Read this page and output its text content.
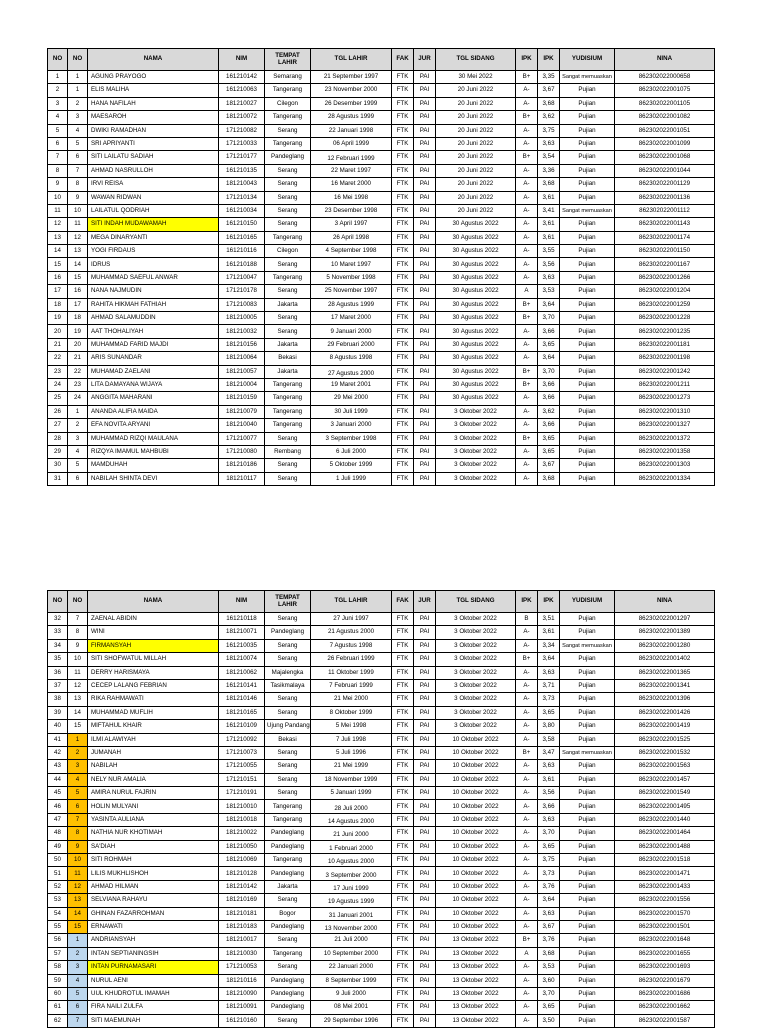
NO	NO	NAMA	NIM	TEMPAT LAHIR	TGL LAHIR	FAK	JUR	TGL SIDANG	IPK	IPK	YUDISIUM	NINA
1	1	AGUNG PRAYOGO	161210142	Semarang	21 September 1997	FTK	PAI	30 Mei 2022	B+	3,35	Sangat memuaskan	862302022000658
2	1	ELIS MALIHA	161210063	Tangerang	23 November 2000	FTK	PAI	20 Juni 2022	A-	3,67	Pujian	862302022001075
3	2	HANA NAFILAH	181210027	Cilegon	26 Desember 1999	FTK	PAI	20 Juni 2022	A-	3,68	Pujian	862302022001105
4	3	MAESAROH	181210072	Tangerang	28 Agustus 1999	FTK	PAI	20 Juni 2022	B+	3,62	Pujian	862302022001082
5	4	DWIKI RAMADHAN	171210082	Serang	22 Januari 1998	FTK	PAI	20 Juni 2022	A-	3,75	Pujian	862302022001051
6	5	SRI APRIYANTI	171210033	Tangerang	06 April 1999	FTK	PAI	20 Juni 2022	A-	3,63	Pujian	862302022001099
7	6	SITI LAILATU SADIAH	171210177	Pandeglang	12 Februari 1999	FTK	PAI	20 Juni 2022	B+	3,54	Pujian	862302022001068
8	7	AHMAD NASRULLOH	161210135	Serang	22 Maret 1997	FTK	PAI	20 Juni 2022	A-	3,36	Pujian	862302022001044
9	8	IRVI REISA	181210043	Serang	16 Maret 2000	FTK	PAI	20 Juni 2022	A-	3,68	Pujian	862302022001129
10	9	WAWAN RIDWAN	171210134	Serang	16 Mei 1998	FTK	PAI	20 Juni 2022	A-	3,61	Pujian	862302022001136
11	10	LAILATUL QODRIAH	161210034	Serang	23 Desember 1998	FTK	PAI	20 Juni 2022	A-	3,41	Sangat memuaskan	862302022001112
12	11	SITI INDAH MUDAWAMAH	161210150	Serang	3 April 1997	FTK	PAI	30 Agustus 2022	A-	3,61	Pujian	862302022001143
13	12	MEGA DINARYANTI	161210165	Tangerang	26 April 1998	FTK	PAI	30 Agustus 2022	A-	3,61	Pujian	862302022001174
14	13	YOGI FIRDAUS	161210116	Cilegon	4 September 1998	FTK	PAI	30 Agustus 2022	A-	3,55	Pujian	862302022001150
15	14	IDRUS	161210188	Serang	10 Maret 1997	FTK	PAI	30 Agustus 2022	A-	3,56	Pujian	862302022001167
16	15	MUHAMMAD SAEFUL ANWAR	171210047	Tangerang	5 November 1998	FTK	PAI	30 Agustus 2022	A-	3,63	Pujian	862302022001266
17	16	NANA NAJMUDIN	171210178	Serang	25 November 1997	FTK	PAI	30 Agustus 2022	A	3,53	Pujian	862302022001204
18	17	RAHITA HIKMAH FATHIAH	171210083	Jakarta	28 Agustus 1999	FTK	PAI	30 Agustus 2022	B+	3,64	Pujian	862302022001259
19	18	AHMAD SALAMUDDIN	181210005	Serang	17 Maret 2000	FTK	PAI	30 Agustus 2022	B+	3,70	Pujian	862302022001228
20	19	AAT THOHALIYAH	181210032	Serang	9 Januari 2000	FTK	PAI	30 Agustus 2022	A-	3,66	Pujian	862302022001235
21	20	MUHAMMAD FARID MAJDI	181210156	Jakarta	29 Februari 2000	FTK	PAI	30 Agustus 2022	A-	3,65	Pujian	862302022001181
22	21	ARIS SUNANDAR	181210064	Bekasi	8 Agustus 1998	FTK	PAI	30 Agustus 2022	A-	3,64	Pujian	862302022001198
23	22	MUHAMAD ZAELANI	181210057	Jakarta	27 Agustus 2000	FTK	PAI	30 Agustus 2022	B+	3,70	Pujian	862302022001242
24	23	LITA DAMAYANA WIJAYA	181210004	Tangerang	19 Maret 2001	FTK	PAI	30 Agustus 2022	B+	3,66	Pujian	862302022001211
25	24	ANGGITA MAHARANI	181210159	Tangerang	29 Mei 2000	FTK	PAI	30 Agustus 2022	A-	3,66	Pujian	862302022001273
26	1	ANANDA ALIFIA MAIDA	181210079	Tangerang	30 Juli 1999	FTK	PAI	3 Oktober 2022	A-	3,62	Pujian	862302022001310
27	2	EFA NOVITA ARYANI	181210040	Tangerang	3 Januari 2000	FTK	PAI	3 Oktober 2022	A-	3,66	Pujian	862302022001327
28	3	MUHAMMAD RIZQI MAULANA	171210077	Serang	3 September 1998	FTK	PAI	3 Oktober 2022	B+	3,65	Pujian	862302022001372
29	4	RIZQYA IMAMUL MAHBUBI	171210080	Rembang	6 Juli 2000	FTK	PAI	3 Oktober 2022	A-	3,65	Pujian	862302022001358
30	5	MAMDUHAH	181210186	Serang	5 Oktober 1999	FTK	PAI	3 Oktober 2022	A-	3,67	Pujian	862302022001303
31	6	NABILAH SHINTA DEVI	181210117	Serang	1 Juli 1999	FTK	PAI	3 Oktober 2022	A-	3,68	Pujian	862302022001334
NO	NO	NAMA	NIM	TEMPAT LAHIR	TGL LAHIR	FAK	JUR	TGL SIDANG	IPK	IPK	YUDISIUM	NINA
32	7	ZAENAL ABIDIN	161210118	Serang	27 Juni 1997	FTK	PAI	3 Oktober 2022	B	3,51	Pujian	862302022001297
33	8	WINI	181210071	Pandeglang	21 Agustus 2000	FTK	PAI	3 Oktober 2022	A-	3,61	Pujian	862302022001389
34	9	FIRMANSYAH	161210035	Serang	7 Agustus 1998	FTK	PAI	3 Oktober 2022	A-	3,34	Sangat memuaskan	862302022001280
35	10	SITI SHOFWATUL MILLAH	181210074	Serang	26 Februari 1999	FTK	PAI	3 Oktober 2022	B+	3,64	Pujian	862302022001402
36	11	DERRY HARISMAYA	181210062	Majalengka	11 Oktober 1999	FTK	PAI	3 Oktober 2022	A-	3,63	Pujian	862302022001365
37	12	CECEP LALANG FEBRIAN	161210141	Tasikmalaya	7 Februari 1999	FTK	PAI	3 Oktober 2022	A-	3,71	Pujian	862302022001341
38	13	RIKA RAHMAWATI	181210146	Serang	21 Mei 2000	FTK	PAI	3 Oktober 2022	A-	3,73	Pujian	862302022001396
39	14	MUHAMMAD MUFLIH	181210165	Serang	8 Oktober 1999	FTK	PAI	3 Oktober 2022	A-	3,65	Pujian	862302022001426
40	15	MIFTAHUL KHAIR	161210109	Ujung Pandang	5 Mei 1998	FTK	PAI	3 Oktober 2022	A-	3,80	Pujian	862302022001419
41	1	ILMI ALAWIYAH	171210092	Bekasi	7 Juli 1998	FTK	PAI	10 Oktober 2022	A-	3,58	Pujian	862302022001525
42	2	JUMANAH	171210073	Serang	5 Juli 1996	FTK	PAI	10 Oktober 2022	B+	3,47	Sangat memuaskan	862302022001532
43	3	NABILAH	171210055	Serang	21 Mei 1999	FTK	PAI	10 Oktober 2022	A-	3,63	Pujian	862302022001563
44	4	NELY NUR AMALIA	171210151	Serang	18 November 1999	FTK	PAI	10 Oktober 2022	A-	3,61	Pujian	862302022001457
45	5	AMIRA NURUL FAJRIN	171210191	Serang	5 Januari 1999	FTK	PAI	10 Oktober 2022	A-	3,56	Pujian	862302022001549
46	6	HOLIN MULYANI	181210010	Tangerang	28 Juli 2000	FTK	PAI	10 Oktober 2022	A-	3,66	Pujian	862302022001495
47	7	YASINTA AULIANA	181210018	Tangerang	14 Agustus 2000	FTK	PAI	10 Oktober 2022	A-	3,63	Pujian	862302022001440
48	8	NATHIA NUR KHOTIMAH	181210022	Pandeglang	21 Juni 2000	FTK	PAI	10 Oktober 2022	A-	3,70	Pujian	862302022001464
49	9	SA'DIAH	181210050	Pandeglang	1 Februari 2000	FTK	PAI	10 Oktober 2022	A-	3,65	Pujian	862302022001488
50	10	SITI ROHMAH	181210069	Tangerang	10 Agustus 2000	FTK	PAI	10 Oktober 2022	A-	3,75	Pujian	862302022001518
51	11	LILIS MUKHLISHOH	181210128	Pandeglang	3 September 2000	FTK	PAI	10 Oktober 2022	A-	3,73	Pujian	862302022001471
52	12	AHMAD HILMAN	181210142	Jakarta	17 Juni 1999	FTK	PAI	10 Oktober 2022	A-	3,76	Pujian	862302022001433
53	13	SELVIANA RAHAYU	181210169	Serang	19 Agustus 1999	FTK	PAI	10 Oktober 2022	A-	3,64	Pujian	862302022001556
54	14	GHINAN FAZARROHMAN	181210181	Bogor	31 Januari 2001	FTK	PAI	10 Oktober 2022	A-	3,63	Pujian	862302022001570
55	15	ERNAWATI	181210183	Pandeglang	13 November 2000	FTK	PAI	10 Oktober 2022	A-	3,67	Pujian	862302022001501
56	1	ANDRIANSYAH	181210017	Serang	21 Juli 2000	FTK	PAI	13 Oktober 2022	B+	3,76	Pujian	862302022001648
57	2	INTAN SEPTIANINGSIH	181210030	Tangerang	10 September 2000	FTK	PAI	13 Oktober 2022	A	3,68	Pujian	862302022001655
58	3	INTAN PURNAMASARI	171210053	Serang	22 Januari 2000	FTK	PAI	13 Oktober 2022	A-	3,53	Pujian	862302022001693
59	4	NURUL AENI	181210116	Pandeglang	8 September 1999	FTK	PAI	13 Oktober 2022	A-	3,60	Pujian	862302022001679
60	5	UUL KHUDROTUL IMAMAH	181210090	Pandeglang	9 Juli 2000	FTK	PAI	13 Oktober 2022	A-	3,70	Pujian	862302022001686
61	6	FIRA NAILI ZULFA	181210091	Pandeglang	08 Mei 2001	FTK	PAI	13 Oktober 2022	A-	3,65	Pujian	862302022001662
62	7	SITI MAEMUNAH	161210160	Serang	29 September 1996	FTK	PAI	13 Oktober 2022	A-	3,50	Pujian	862302022001587
